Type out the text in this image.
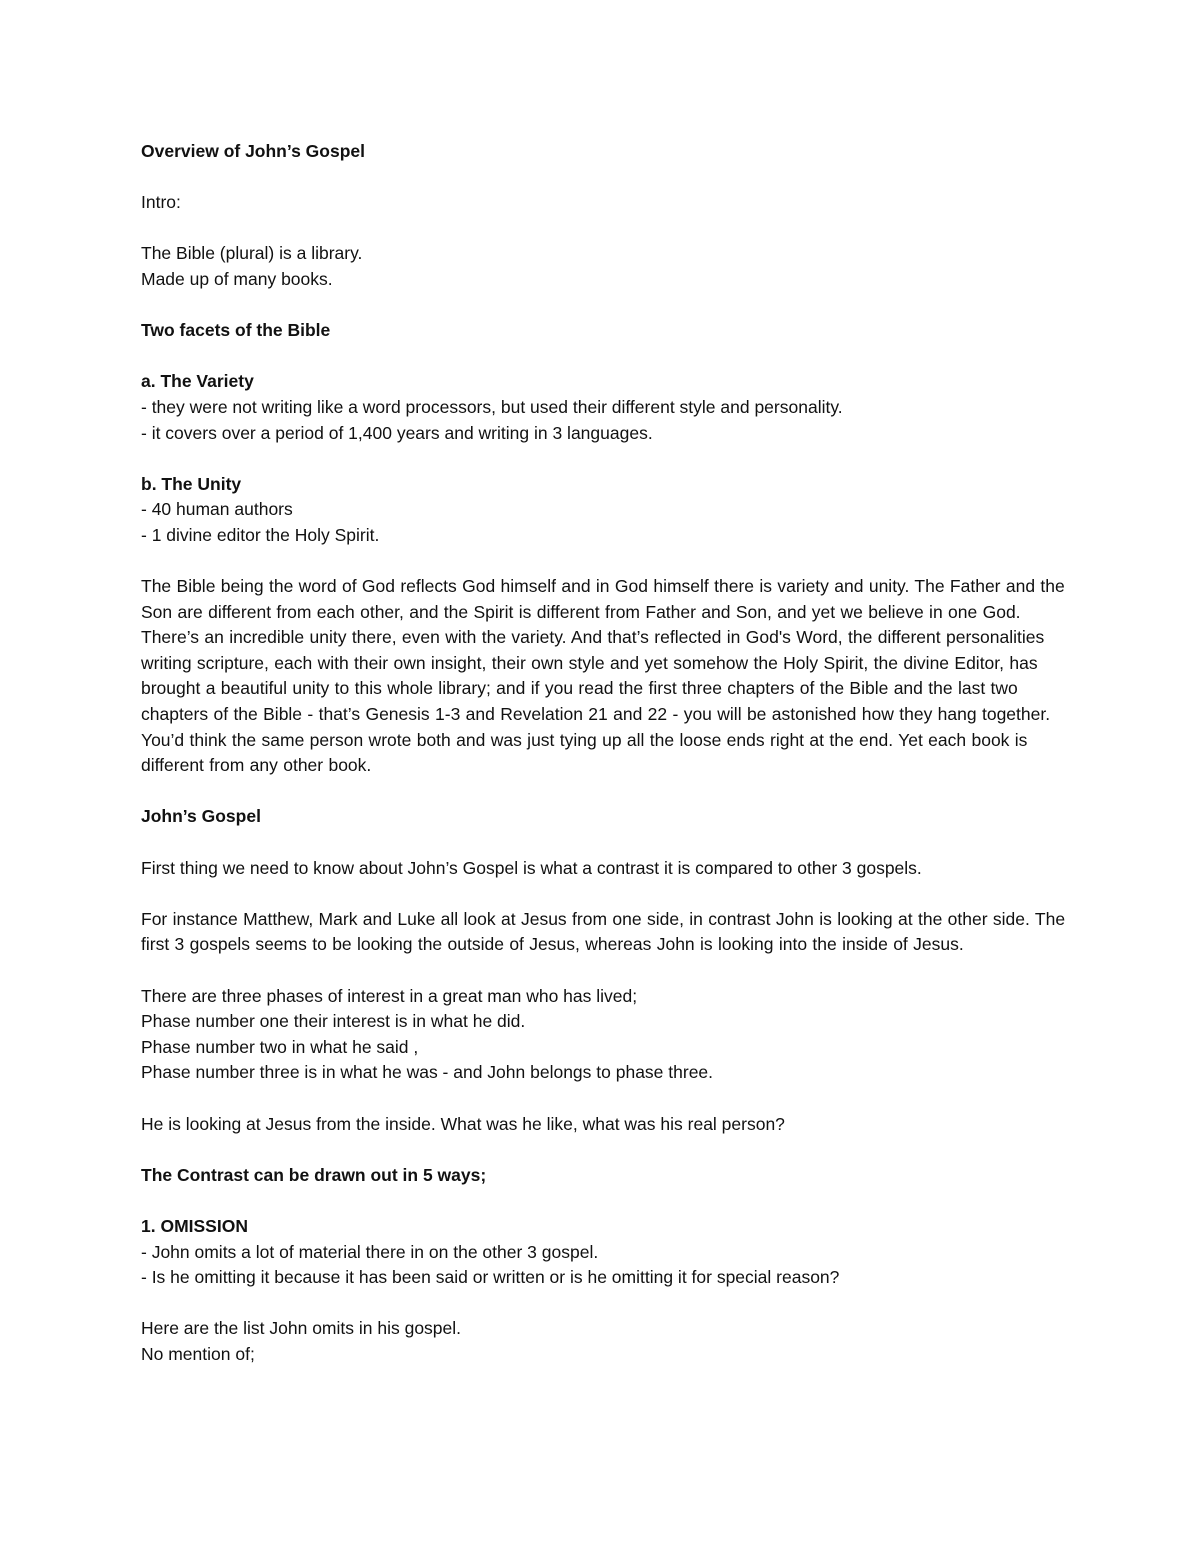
Overview of John’s Gospel

Intro:

The Bible (plural) is a library.

Made up of many books.

Two facets of the Bible

a. The Variety

- they were not writing like a word processors, but used their different style and personality.

- it covers over a period of 1,400 years and writing in 3 languages.

b. The Unity

- 40 human authors

- 1 divine editor the Holy Spirit.

The Bible being the word of God reflects God himself and in God himself there is variety and unity. The Father and the Son are different from each other, and the Spirit is different from Father and Son, and yet we believe in one God. There’s an incredible unity there, even with the variety. And that’s reflected in God's Word, the different personalities writing scripture, each with their own insight, their own style and yet somehow the Holy Spirit, the divine Editor, has brought a beautiful unity to this whole library; and if you read the first three chapters of the Bible and the last two chapters of the Bible - that’s Genesis 1-3 and Revelation 21 and 22 - you will be astonished how they hang together. You’d think the same person wrote both and was just tying up all the loose ends right at the end. Yet each book is different from any other book.

John’s Gospel

First thing we need to know about John’s Gospel is what a contrast it is compared to other 3 gospels.

For instance Matthew, Mark and Luke all look at Jesus from one side, in contrast John is looking at the other side. The first 3 gospels seems to be looking the outside of Jesus, whereas John is looking into the inside of Jesus.

There are three phases of interest in a great man who has lived;

Phase number one their interest is in what he did.

Phase number two in what he said ,

Phase number three is in what he was - and John belongs to phase three.

He is looking at Jesus from the inside. What was he like, what was his real person?

The Contrast can be drawn out in 5 ways;

1. OMISSION

- John omits a lot of material there in on the other 3 gospel.

- Is he omitting it because it has been said or written or is he omitting it for special reason?

Here are the list John omits in his gospel.

No mention of;
